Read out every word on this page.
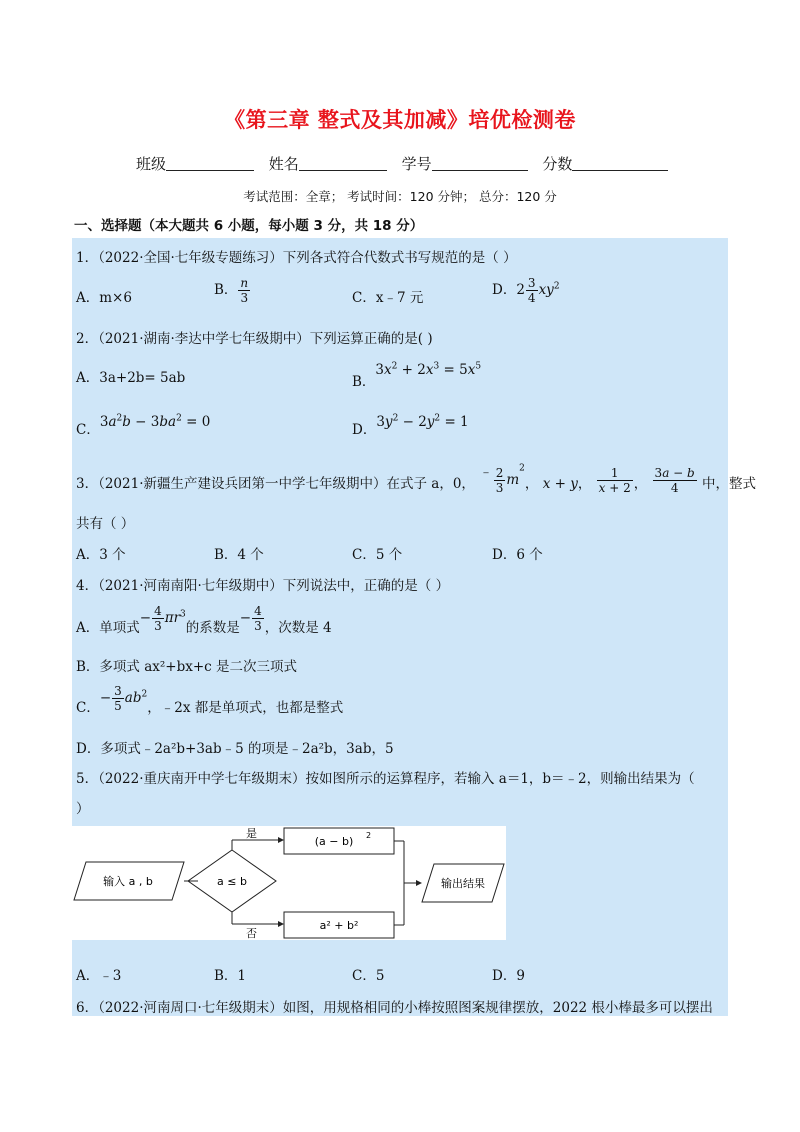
《第三章 整式及其加减》培优检测卷
班级	姓名	学号	分数
考试范围：全章； 考试时间：120 分钟； 总分：120 分
一、选择题（本大题共 6 小题，每小题 3 分，共 18 分）
1．（2022·全国·七年级专题练习）下列各式符合代数式书写规范的是（ ）
A．m×6	B． $\frac{n}{3}$	C．x﹣7 元	D．$2 \frac{3}{4} xy^2$
2．（2021·湖南·李达中学七年级期中）下列运算正确的是( )
A．3a+2b= 5ab	B．$3x^2 + 2x^3 = 5x^5$
C．$3a^2b - 3ba^2 = 0$	D．$3y^2 - 2y^2 = 1$
3．（2021·新疆生产建设兵团第一中学七年级期中）在式子 a，0， ﹣ $\frac{2}{3} m^2$， x + y， $\frac{1}{x + 2}$ ， $\frac{3a - b}{4}$ 中，整式
共有（ ）
A．3 个	B．4 个	C．5 个	D．6 个
4．（2021·河南南阳·七年级期中）下列说法中，正确的是（ ）
A．单项式− $\frac{4}{3} \pi r^3$的系数是− $\frac{4}{3}$ ，次数是 4
B．多项式 ax²+bx+c 是二次三项式
C．− $\frac{3}{5} ab^2$，﹣2x 都是单项式，也都是整式
D．多项式﹣2a²b+3ab﹣5 的项是﹣2a²b，3ab，5
5．（2022·重庆南开中学七年级期末）按如图所示的运算程序，若输入 a＝1，b＝﹣2，则输出结果为（
）
输入 a , b	a ≤ b
是
(a − b) 2
否
a² + b²
输出结果
A．﹣3	B．1	C．5	D．9
6．（2022·河南周口·七年级期末）如图，用规格相同的小棒按照图案规律摆放，2022 根小棒最多可以摆出
